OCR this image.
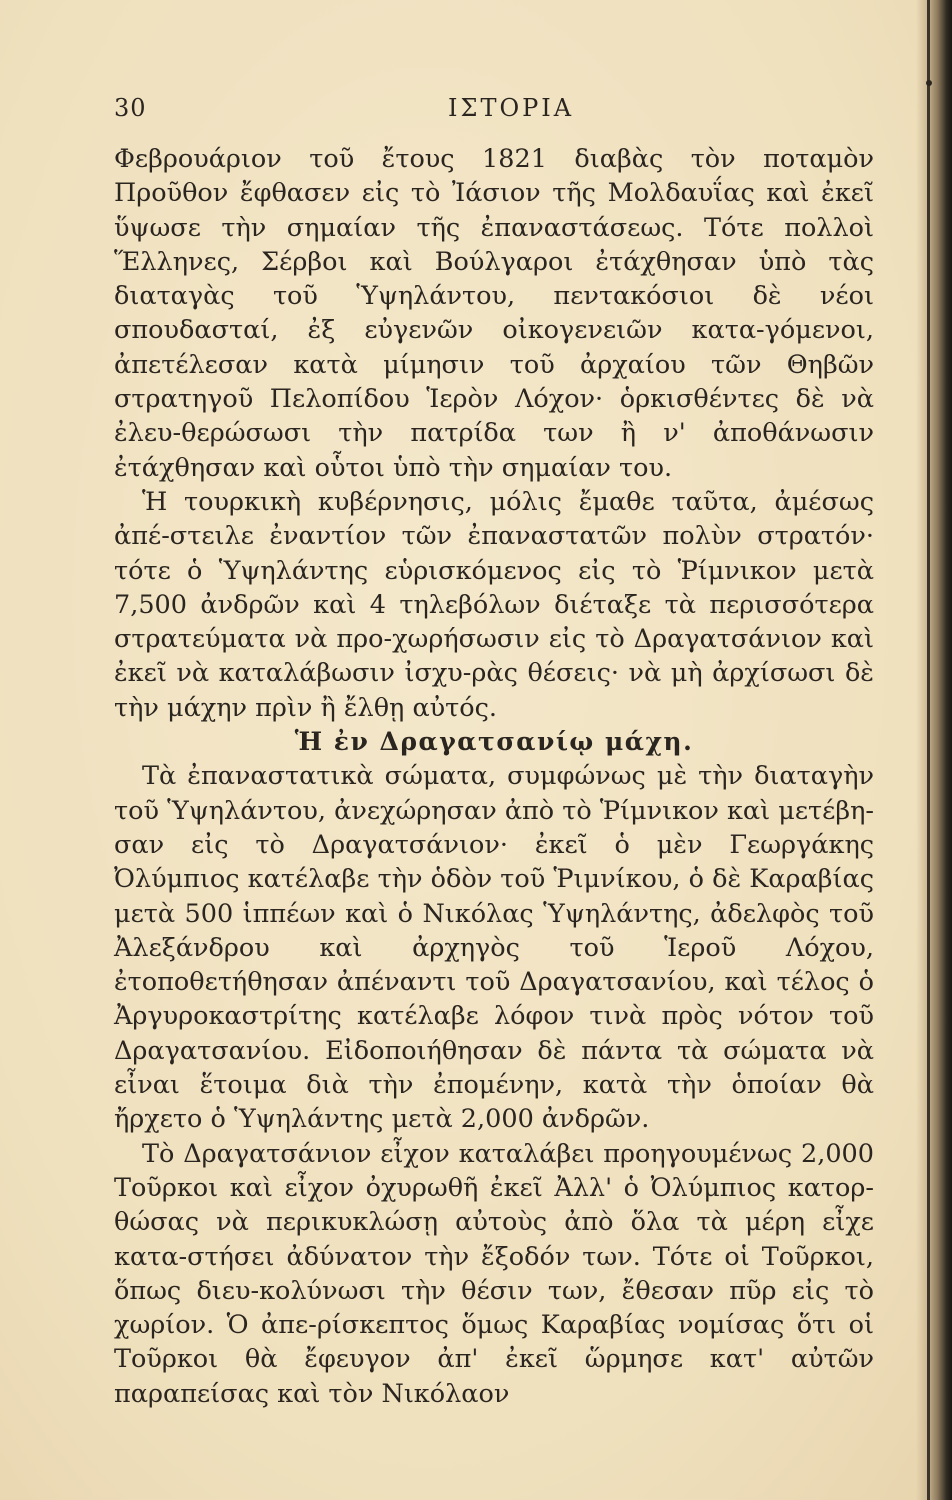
30	ΙΣΤΟΡΙΑ

Φεβρουάριον τοῦ ἔτους 1821 διαβὰς τὸν ποταμὸν Προῦθον ἔφθασεν εἰς τὸ Ἰάσιον τῆς Μολδαυΐας καὶ ἐκεῖ ὕψωσε τὴν σημαίαν τῆς ἐπαναστάσεως. Τότε πολλοὶ Ἕλληνες, Σέρβοι καὶ Βούλγαροι ἐτάχθησαν ὑπὸ τὰς διαταγὰς τοῦ Ὑψηλάντου, πεντακόσιοι δὲ νέοι σπουδασταί, ἐξ εὐγενῶν οἰκογενειῶν κατα-γόμενοι, ἀπετέλεσαν κατὰ μίμησιν τοῦ ἀρχαίου τῶν Θηβῶν στρατηγοῦ Πελοπίδου Ἱερὸν Λόχον· ὁρκισθέντες δὲ νὰ ἐλευ-θερώσωσι τὴν πατρίδα των ἢ ν' ἀποθάνωσιν ἐτάχθησαν καὶ οὗτοι ὑπὸ τὴν σημαίαν του.

Ἡ τουρκικὴ κυβέρνησις, μόλις ἔμαθε ταῦτα, ἀμέσως ἀπέ-στειλε ἐναντίον τῶν ἐπαναστατῶν πολὺν στρατόν· τότε ὁ Ὑψηλάντης εὑρισκόμενος εἰς τὸ Ῥίμνικον μετὰ 7,500 ἀνδρῶν καὶ 4 τηλεβόλων διέταξε τὰ περισσότερα στρατεύματα νὰ προ-χωρήσωσιν εἰς τὸ Δραγατσάνιον καὶ ἐκεῖ νὰ καταλάβωσιν ἰσχυ-ρὰς θέσεις· νὰ μὴ ἀρχίσωσι δὲ τὴν μάχην πρὶν ἢ ἔλθῃ αὐτός.

Ἡ ἐν Δραγατσανίῳ μάχη.

Τὰ ἐπαναστατικὰ σώματα, συμφώνως μὲ τὴν διαταγὴν τοῦ Ὑψηλάντου, ἀνεχώρησαν ἀπὸ τὸ Ῥίμνικον καὶ μετέβη-σαν εἰς τὸ Δραγατσάνιον· ἐκεῖ ὁ μὲν Γεωργάκης Ὀλύμπιος κατέλαβε τὴν ὁδὸν τοῦ Ῥιμνίκου, ὁ δὲ Καραβίας μετὰ 500 ἱππέων καὶ ὁ Νικόλας Ὑψηλάντης, ἀδελφὸς τοῦ Ἀλεξάνδρου καὶ ἀρχηγὸς τοῦ Ἱεροῦ Λόχου, ἐτοποθετήθησαν ἀπέναντι τοῦ Δραγατσανίου, καὶ τέλος ὁ Ἀργυροκαστρίτης κατέλαβε λόφον τινὰ πρὸς νότον τοῦ Δραγατσανίου. Εἰδοποιήθησαν δὲ πάντα τὰ σώματα νὰ εἶναι ἕτοιμα διὰ τὴν ἐπομένην, κατὰ τὴν ὁποίαν θὰ ἤρχετο ὁ Ὑψηλάντης μετὰ 2,000 ἀνδρῶν.

Τὸ Δραγατσάνιον εἶχον καταλάβει προηγουμένως 2,000 Τοῦρκοι καὶ εἶχον ὀχυρωθῆ ἐκεῖ Ἀλλ' ὁ Ὀλύμπιος κατορ-θώσας νὰ περικυκλώσῃ αὐτοὺς ἀπὸ ὅλα τὰ μέρη εἶχε κατα-στήσει ἀδύνατον τὴν ἔξοδόν των. Τότε οἱ Τοῦρκοι, ὅπως διευ-κολύνωσι τὴν θέσιν των, ἔθεσαν πῦρ εἰς τὸ χωρίον. Ὁ ἀπε-ρίσκεπτος ὅμως Καραβίας νομίσας ὅτι οἱ Τοῦρκοι θὰ ἔφευγον ἀπ' ἐκεῖ ὥρμησε κατ' αὐτῶν παραπείσας καὶ τὸν Νικόλαον
